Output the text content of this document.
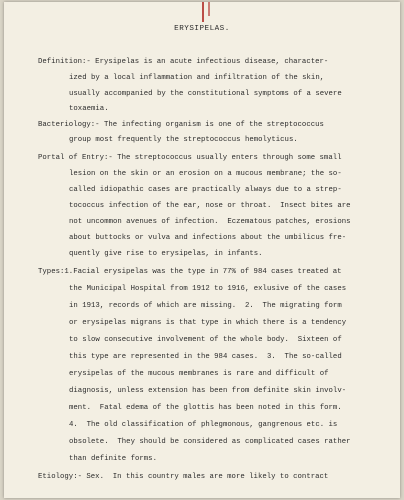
ERYSIPELAS.
Definition:- Erysipelas is an acute infectious disease, character-
ized by a local inflammation and infiltration of the skin,
usually accompanied by the constitutional symptoms of a severe
toxaemia.
Bacteriology:- The infecting organism is one of the streptococcus
group most frequently the streptococcus hemolyticus.
Portal of Entry:- The streptococcus usually enters through some small
lesion on the skin or an erosion on a mucous membrane; the so-
called idiopathic cases are practically always due to a strep-
tococcus infection of the ear, nose or throat.  Insect bites are
not uncommon avenues of infection.  Eczematous patches, erosions
about buttocks or vulva and infections about the umbilicus fre-
quently give rise to erysipelas, in infants.
Types:1.Facial erysipelas was the type in 77% of 984 cases treated at
the Municipal Hospital from 1912 to 1916, exlusive of the cases
in 1913, records of which are missing.  2.  The migrating form
or erysipelas migrans is that type in which there is a tendency
to slow consecutive involvement of the whole body.  Sixteen of
this type are represented in the 984 cases.  3.  The so-called
erysipelas of the mucous membranes is rare and difficult of
diagnosis, unless extension has been from definite skin involv-
ment.  Fatal edema of the glottis has been noted in this form.
4.  The old classification of phlegmonous, gangrenous etc. is
obsolete.  They should be considered as complicated cases rather
than definite forms.
Etiology:- Sex.  In this country males are more likely to contract
